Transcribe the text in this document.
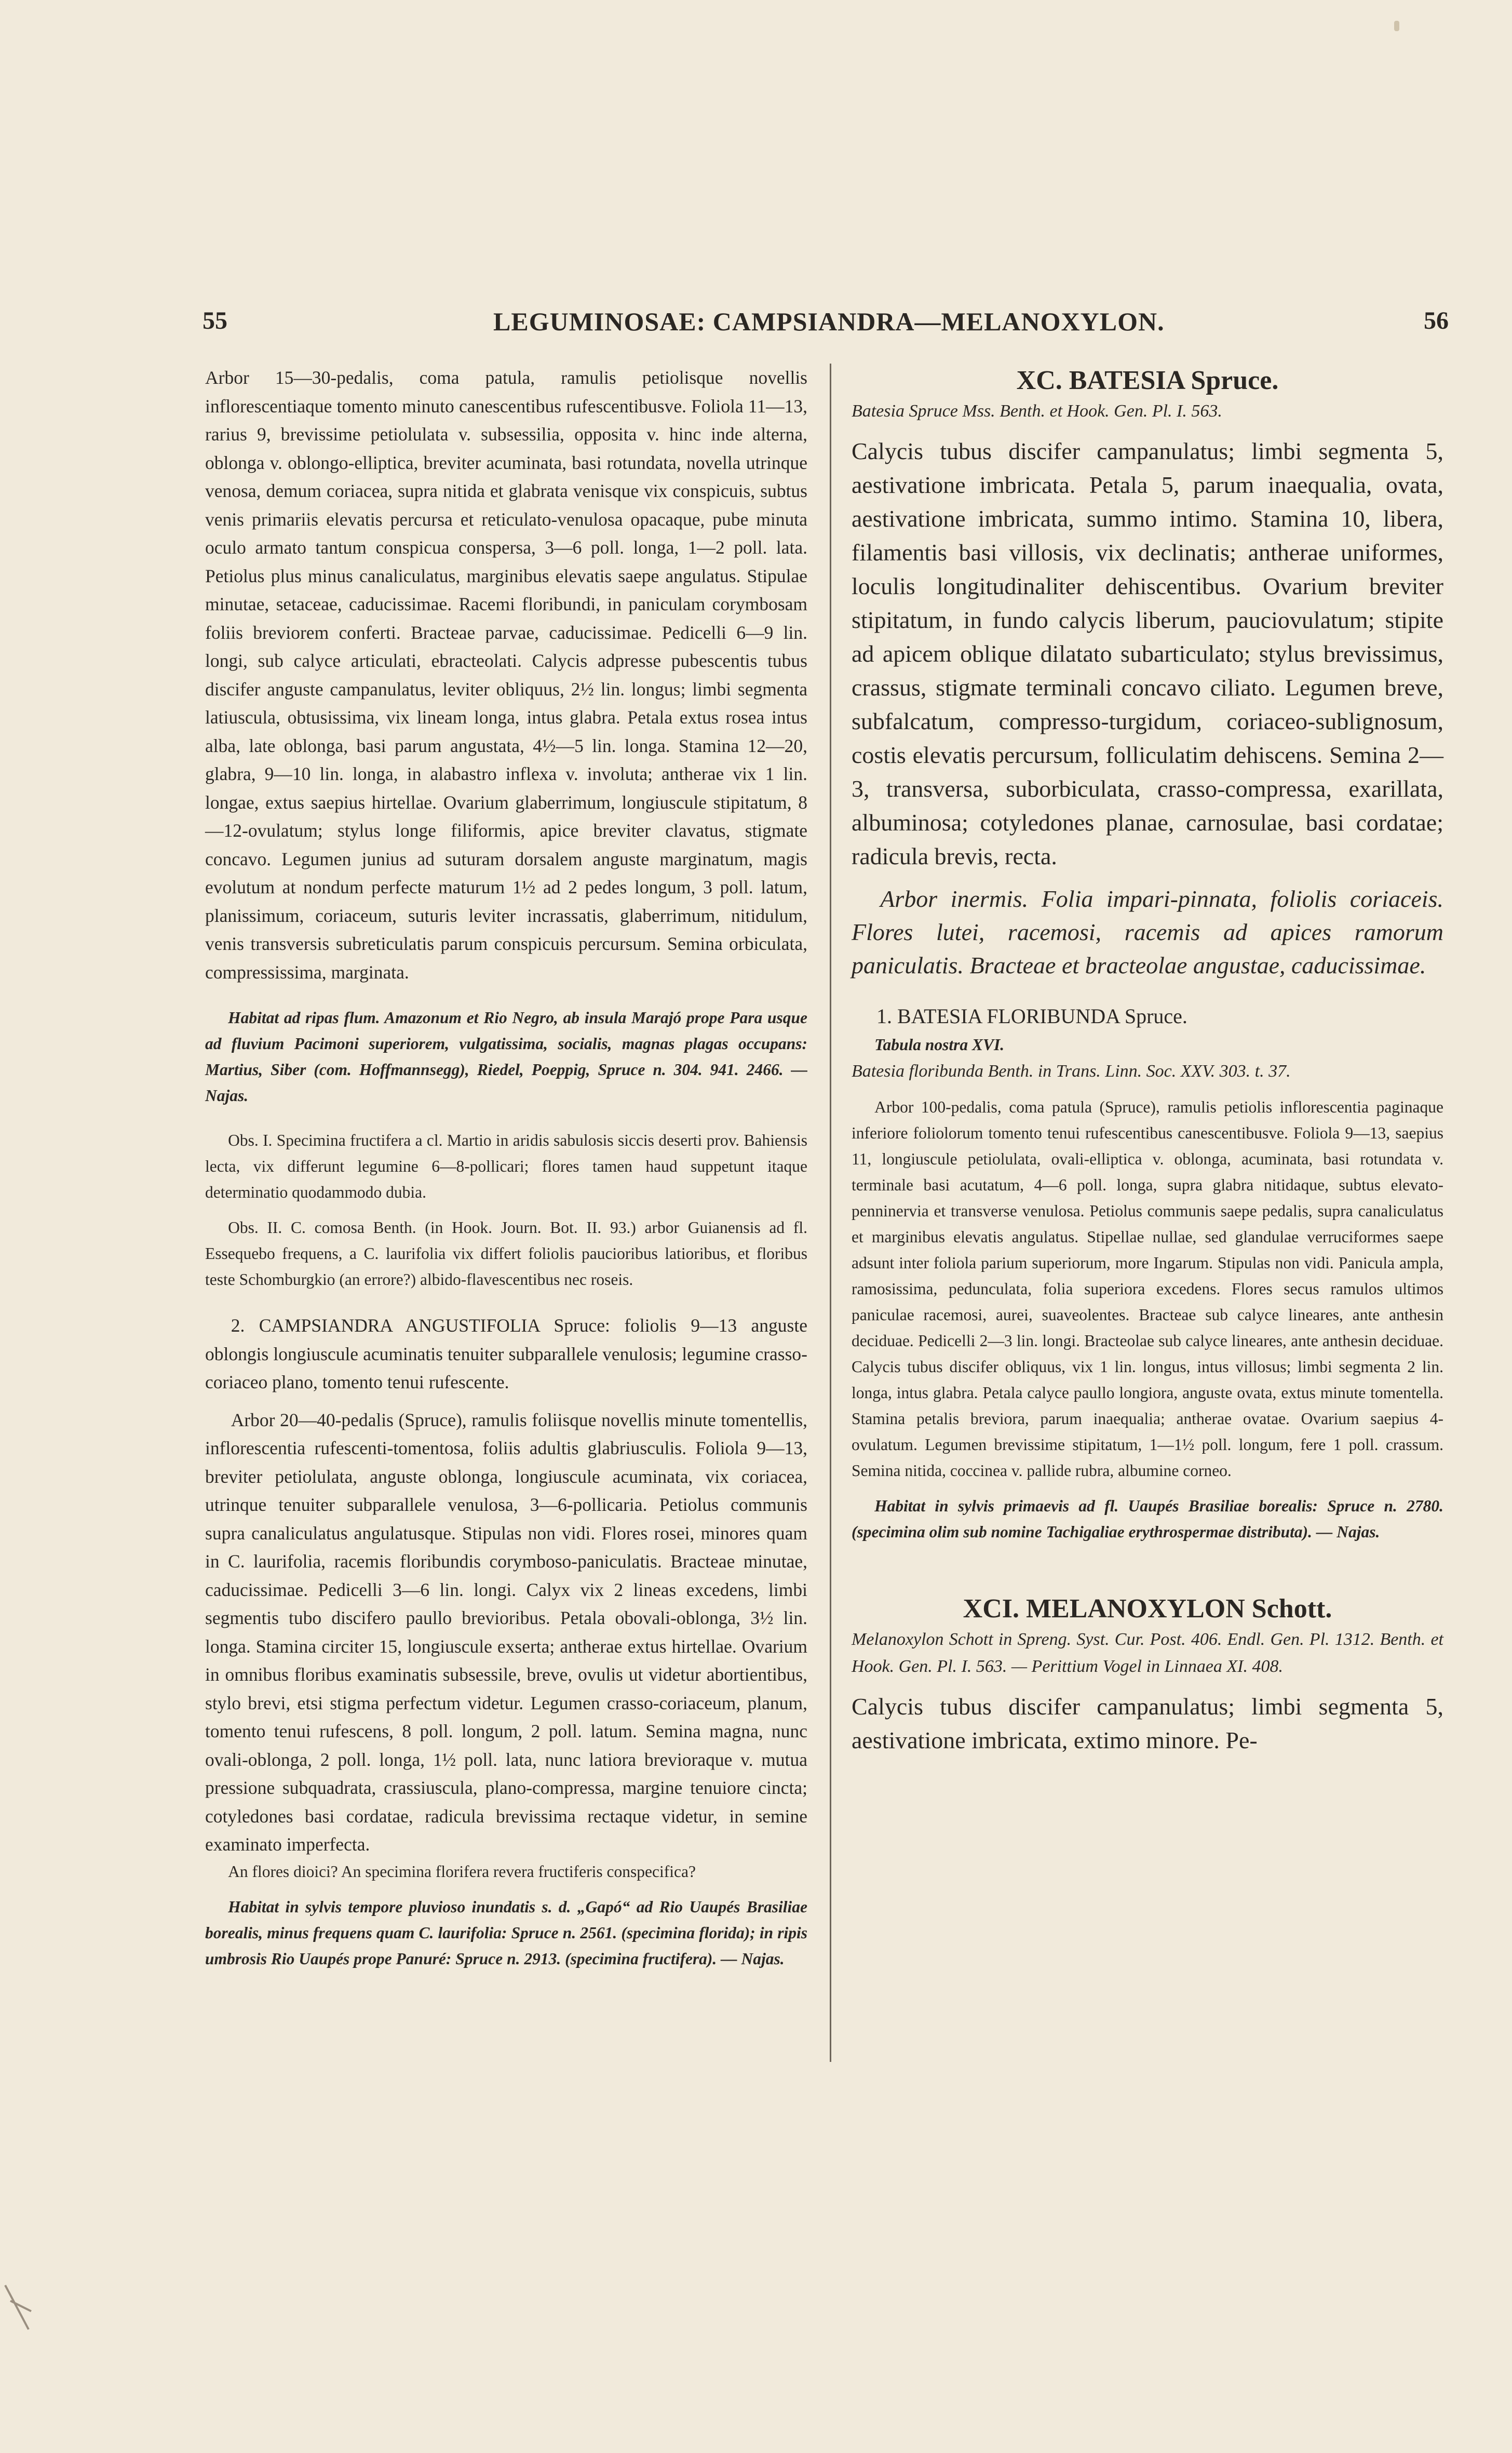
55	LEGUMINOSAE: CAMPSIANDRA—MELANOXYLON.	56

Arbor 15—30-pedalis, coma patula, ramulis petiolisque novellis inflorescentiaque tomento minuto canescentibus rufescentibusve. Foliola 11—13, rarius 9, brevissime petiolulata v. subsessilia, opposita v. hinc inde alterna, oblonga v. oblongo-elliptica, breviter acuminata, basi rotundata, novella utrinque venosa, demum coriacea, supra nitida et glabrata venisque vix conspicuis, subtus venis primariis elevatis percursa et reticulato-venulosa opacaque, pube minuta oculo armato tantum conspicua conspersa, 3—6 poll. longa, 1—2 poll. lata. Petiolus plus minus canaliculatus, marginibus elevatis saepe angulatus. Stipulae minutae, setaceae, caducissimae. Racemi floribundi, in paniculam corymbosam foliis breviorem conferti. Bracteae parvae, caducissimae. Pedicelli 6—9 lin. longi, sub calyce articulati, ebracteolati. Calycis adpresse pubescentis tubus discifer anguste campanulatus, leviter obliquus, 2½ lin. longus; limbi segmenta latiuscula, obtusissima, vix lineam longa, intus glabra. Petala extus rosea intus alba, late oblonga, basi parum angustata, 4½—5 lin. longa. Stamina 12—20, glabra, 9—10 lin. longa, in alabastro inflexa v. involuta; antherae vix 1 lin. longae, extus saepius hirtellae. Ovarium glaberrimum, longiuscule stipitatum, 8—12-ovulatum; stylus longe filiformis, apice breviter clavatus, stigmate concavo. Legumen junius ad suturam dorsalem anguste marginatum, magis evolutum at nondum perfecte maturum 1½ ad 2 pedes longum, 3 poll. latum, planissimum, coriaceum, suturis leviter incrassatis, glaberrimum, nitidulum, venis transversis subreticulatis parum conspicuis percursum. Semina orbiculata, compressissima, marginata.

Habitat ad ripas flum. Amazonum et Rio Negro, ab insula Marajó prope Para usque ad fluvium Pacimoni superiorem, vulgatissima, socialis, magnas plagas occupans: Martius, Siber (com. Hoffmannsegg), Riedel, Poeppig, Spruce n. 304. 941. 2466. — Najas.

Obs. I. Specimina fructifera a cl. Martio in aridis sabulosis siccis deserti prov. Bahiensis lecta, vix differunt legumine 6—8-pollicari; flores tamen haud suppetunt itaque determinatio quodammodo dubia.

Obs. II. C. comosa Benth. (in Hook. Journ. Bot. II. 93.) arbor Guianensis ad fl. Essequebo frequens, a C. laurifolia vix differt foliolis paucioribus latioribus, et floribus teste Schomburgkio (an errore?) albido-flavescentibus nec roseis.

2. CAMPSIANDRA ANGUSTIFOLIA Spruce: foliolis 9—13 anguste oblongis longiuscule acuminatis tenuiter subparallele venulosis; legumine crasso-coriaceo plano, tomento tenui rufescente.

Arbor 20—40-pedalis (Spruce), ramulis foliisque novellis minute tomentellis, inflorescentia rufescenti-tomentosa, foliis adultis glabriusculis. Foliola 9—13, breviter petiolulata, anguste oblonga, longiuscule acuminata, vix coriacea, utrinque tenuiter subparallele venulosa, 3—6-pollicaria. Petiolus communis supra canaliculatus angulatusque. Stipulas non vidi. Flores rosei, minores quam in C. laurifolia, racemis floribundis corymboso-paniculatis. Bracteae minutae, caducissimae. Pedicelli 3—6 lin. longi. Calyx vix 2 lineas excedens, limbi segmentis tubo discifero paullo brevioribus. Petala obovali-oblonga, 3½ lin. longa. Stamina circiter 15, longiuscule exserta; antherae extus hirtellae. Ovarium in omnibus floribus examinatis subsessile, breve, ovulis ut videtur abortientibus, stylo brevi, etsi stigma perfectum videtur. Legumen crasso-coriaceum, planum, tomento tenui rufescens, 8 poll. longum, 2 poll. latum. Semina magna, nunc ovali-oblonga, 2 poll. longa, 1½ poll. lata, nunc latiora brevioraque v. mutua pressione subquadrata, crassiuscula, plano-compressa, margine tenuiore cincta; cotyledones basi cordatae, radicula brevissima rectaque videtur, in semine examinato imperfecta.

An flores dioici? An specimina florifera revera fructiferis conspecifica?

Habitat in sylvis tempore pluvioso inundatis s. d. „Gapó“ ad Rio Uaupés Brasiliae borealis, minus frequens quam C. laurifolia: Spruce n. 2561. (specimina florida); in ripis umbrosis Rio Uaupés prope Panuré: Spruce n. 2913. (specimina fructifera). — Najas.

XC. BATESIA Spruce.

Batesia Spruce Mss. Benth. et Hook. Gen. Pl. I. 563.

Calycis tubus discifer campanulatus; limbi segmenta 5, aestivatione imbricata. Petala 5, parum inaequalia, ovata, aestivatione imbricata, summo intimo. Stamina 10, libera, filamentis basi villosis, vix declinatis; antherae uniformes, loculis longitudinaliter dehiscentibus. Ovarium breviter stipitatum, in fundo calycis liberum, pauciovulatum; stipite ad apicem oblique dilatato subarticulato; stylus brevissimus, crassus, stigmate terminali concavo ciliato. Legumen breve, subfalcatum, compresso-turgidum, coriaceo-sublignosum, costis elevatis percursum, folliculatim dehiscens. Semina 2—3, transversa, suborbiculata, crasso-compressa, exarillata, albuminosa; cotyledones planae, carnosulae, basi cordatae; radicula brevis, recta.

Arbor inermis. Folia impari-pinnata, foliolis coriaceis. Flores lutei, racemosi, racemis ad apices ramorum paniculatis. Bracteae et bracteolae angustae, caducissimae.

1. BATESIA FLORIBUNDA Spruce.

Tabula nostra XVI.

Batesia floribunda Benth. in Trans. Linn. Soc. XXV. 303. t. 37.

Arbor 100-pedalis, coma patula (Spruce), ramulis petiolis inflorescentia paginaque inferiore foliolorum tomento tenui rufescentibus canescentibusve. Foliola 9—13, saepius 11, longiuscule petiolulata, ovali-elliptica v. oblonga, acuminata, basi rotundata v. terminale basi acutatum, 4—6 poll. longa, supra glabra nitidaque, subtus elevato-penninervia et transverse venulosa. Petiolus communis saepe pedalis, supra canaliculatus et marginibus elevatis angulatus. Stipellae nullae, sed glandulae verruciformes saepe adsunt inter foliola parium superiorum, more Ingarum. Stipulas non vidi. Panicula ampla, ramosissima, pedunculata, folia superiora excedens. Flores secus ramulos ultimos paniculae racemosi, aurei, suaveolentes. Bracteae sub calyce lineares, ante anthesin deciduae. Pedicelli 2—3 lin. longi. Bracteolae sub calyce lineares, ante anthesin deciduae. Calycis tubus discifer obliquus, vix 1 lin. longus, intus villosus; limbi segmenta 2 lin. longa, intus glabra. Petala calyce paullo longiora, anguste ovata, extus minute tomentella. Stamina petalis breviora, parum inaequalia; antherae ovatae. Ovarium saepius 4-ovulatum. Legumen brevissime stipitatum, 1—1½ poll. longum, fere 1 poll. crassum. Semina nitida, coccinea v. pallide rubra, albumine corneo.

Habitat in sylvis primaevis ad fl. Uaupés Brasiliae borealis: Spruce n. 2780. (specimina olim sub nomine Tachigaliae erythrospermae distributa). — Najas.

XCI. MELANOXYLON Schott.

Melanoxylon Schott in Spreng. Syst. Cur. Post. 406. Endl. Gen. Pl. 1312. Benth. et Hook. Gen. Pl. I. 563. — Perittium Vogel in Linnaea XI. 408.

Calycis tubus discifer campanulatus; limbi segmenta 5, aestivatione imbricata, extimo minore. Pe-
